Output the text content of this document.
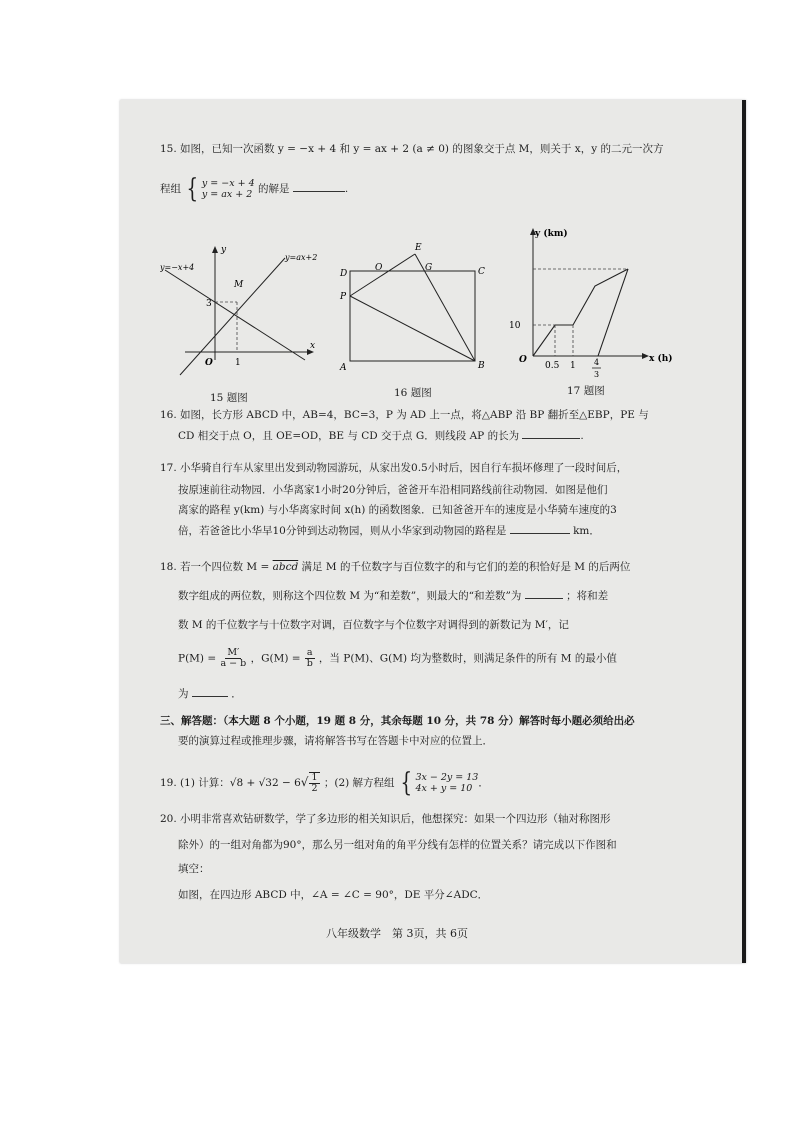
15. 如图，已知一次函数 y = −x + 4 和 y = ax + 2 (a ≠ 0) 的图象交于点 M，则关于 x，y 的二元一次方
程组 { y = −x + 4
y = ax + 2 的解是	.
y=−x+4
y=ax+2
y
x
M
O
3
1
15 题图
D
O
E
G	C
P
A	B
16 题图
y (km)
x (h)
O
10
0.5 1 4
3
17 题图
16. 如图，长方形 ABCD 中，AB=4，BC=3，P 为 AD 上一点，将△ABP 沿 BP 翻折至△EBP，PE 与
CD 相交于点 O，且 OE=OD，BE 与 CD 交于点 G．则线段 AP 的长为	.
17. 小华骑自行车从家里出发到动物园游玩，从家出发0.5小时后，因自行车损坏修理了一段时间后，
按原速前往动物园．小华离家1小时20分钟后，爸爸开车沿相同路线前往动物园．如图是他们
离家的路程 y(km) 与小华离家时间 x(h) 的函数图象．已知爸爸开车的速度是小华骑车速度的3
倍，若爸爸比小华早10分钟到达动物园，则从小华家到动物园的路程是	km．
18. 若一个四位数 M = abcd 满足 M 的千位数字与百位数字的和与它们的差的积恰好是 M 的后两位
数字组成的两位数，则称这个四位数 M 为“和差数”，则最大的“和差数”为	；将和差
数 M 的千位数字与十位数字对调，百位数字与个位数字对调得到的新数记为 M′，记
$P(M) = \frac{M'}{a - b}$ ，$G(M) = \frac{a}{b}$ ，当 P(M)、G(M) 均为整数时，则满足条件的所有 M 的最小值
为	．
三、解答题：（本大题 8 个小题，19 题 8 分，其余每题 10 分，共 78 分）解答时每小题必须给出必
要的演算过程或推理步骤，请将解答书写在答题卡中对应的位置上．
19. (1) 计算：$√8 + √32 - 6√ \frac{1}{2}$ ；(2) 解方程组 { 3x − 2y = 13
4x + y = 10 ．
20. 小明非常喜欢钻研数学，学了多边形的相关知识后，他想探究：如果一个四边形（轴对称图形
除外）的一组对角都为90°，那么另一组对角的角平分线有怎样的位置关系？请完成以下作图和
填空：
如图，在四边形 ABCD 中，∠A = ∠C = 90°，DE 平分∠ADC．
八年级数学　第 3页，共 6页
